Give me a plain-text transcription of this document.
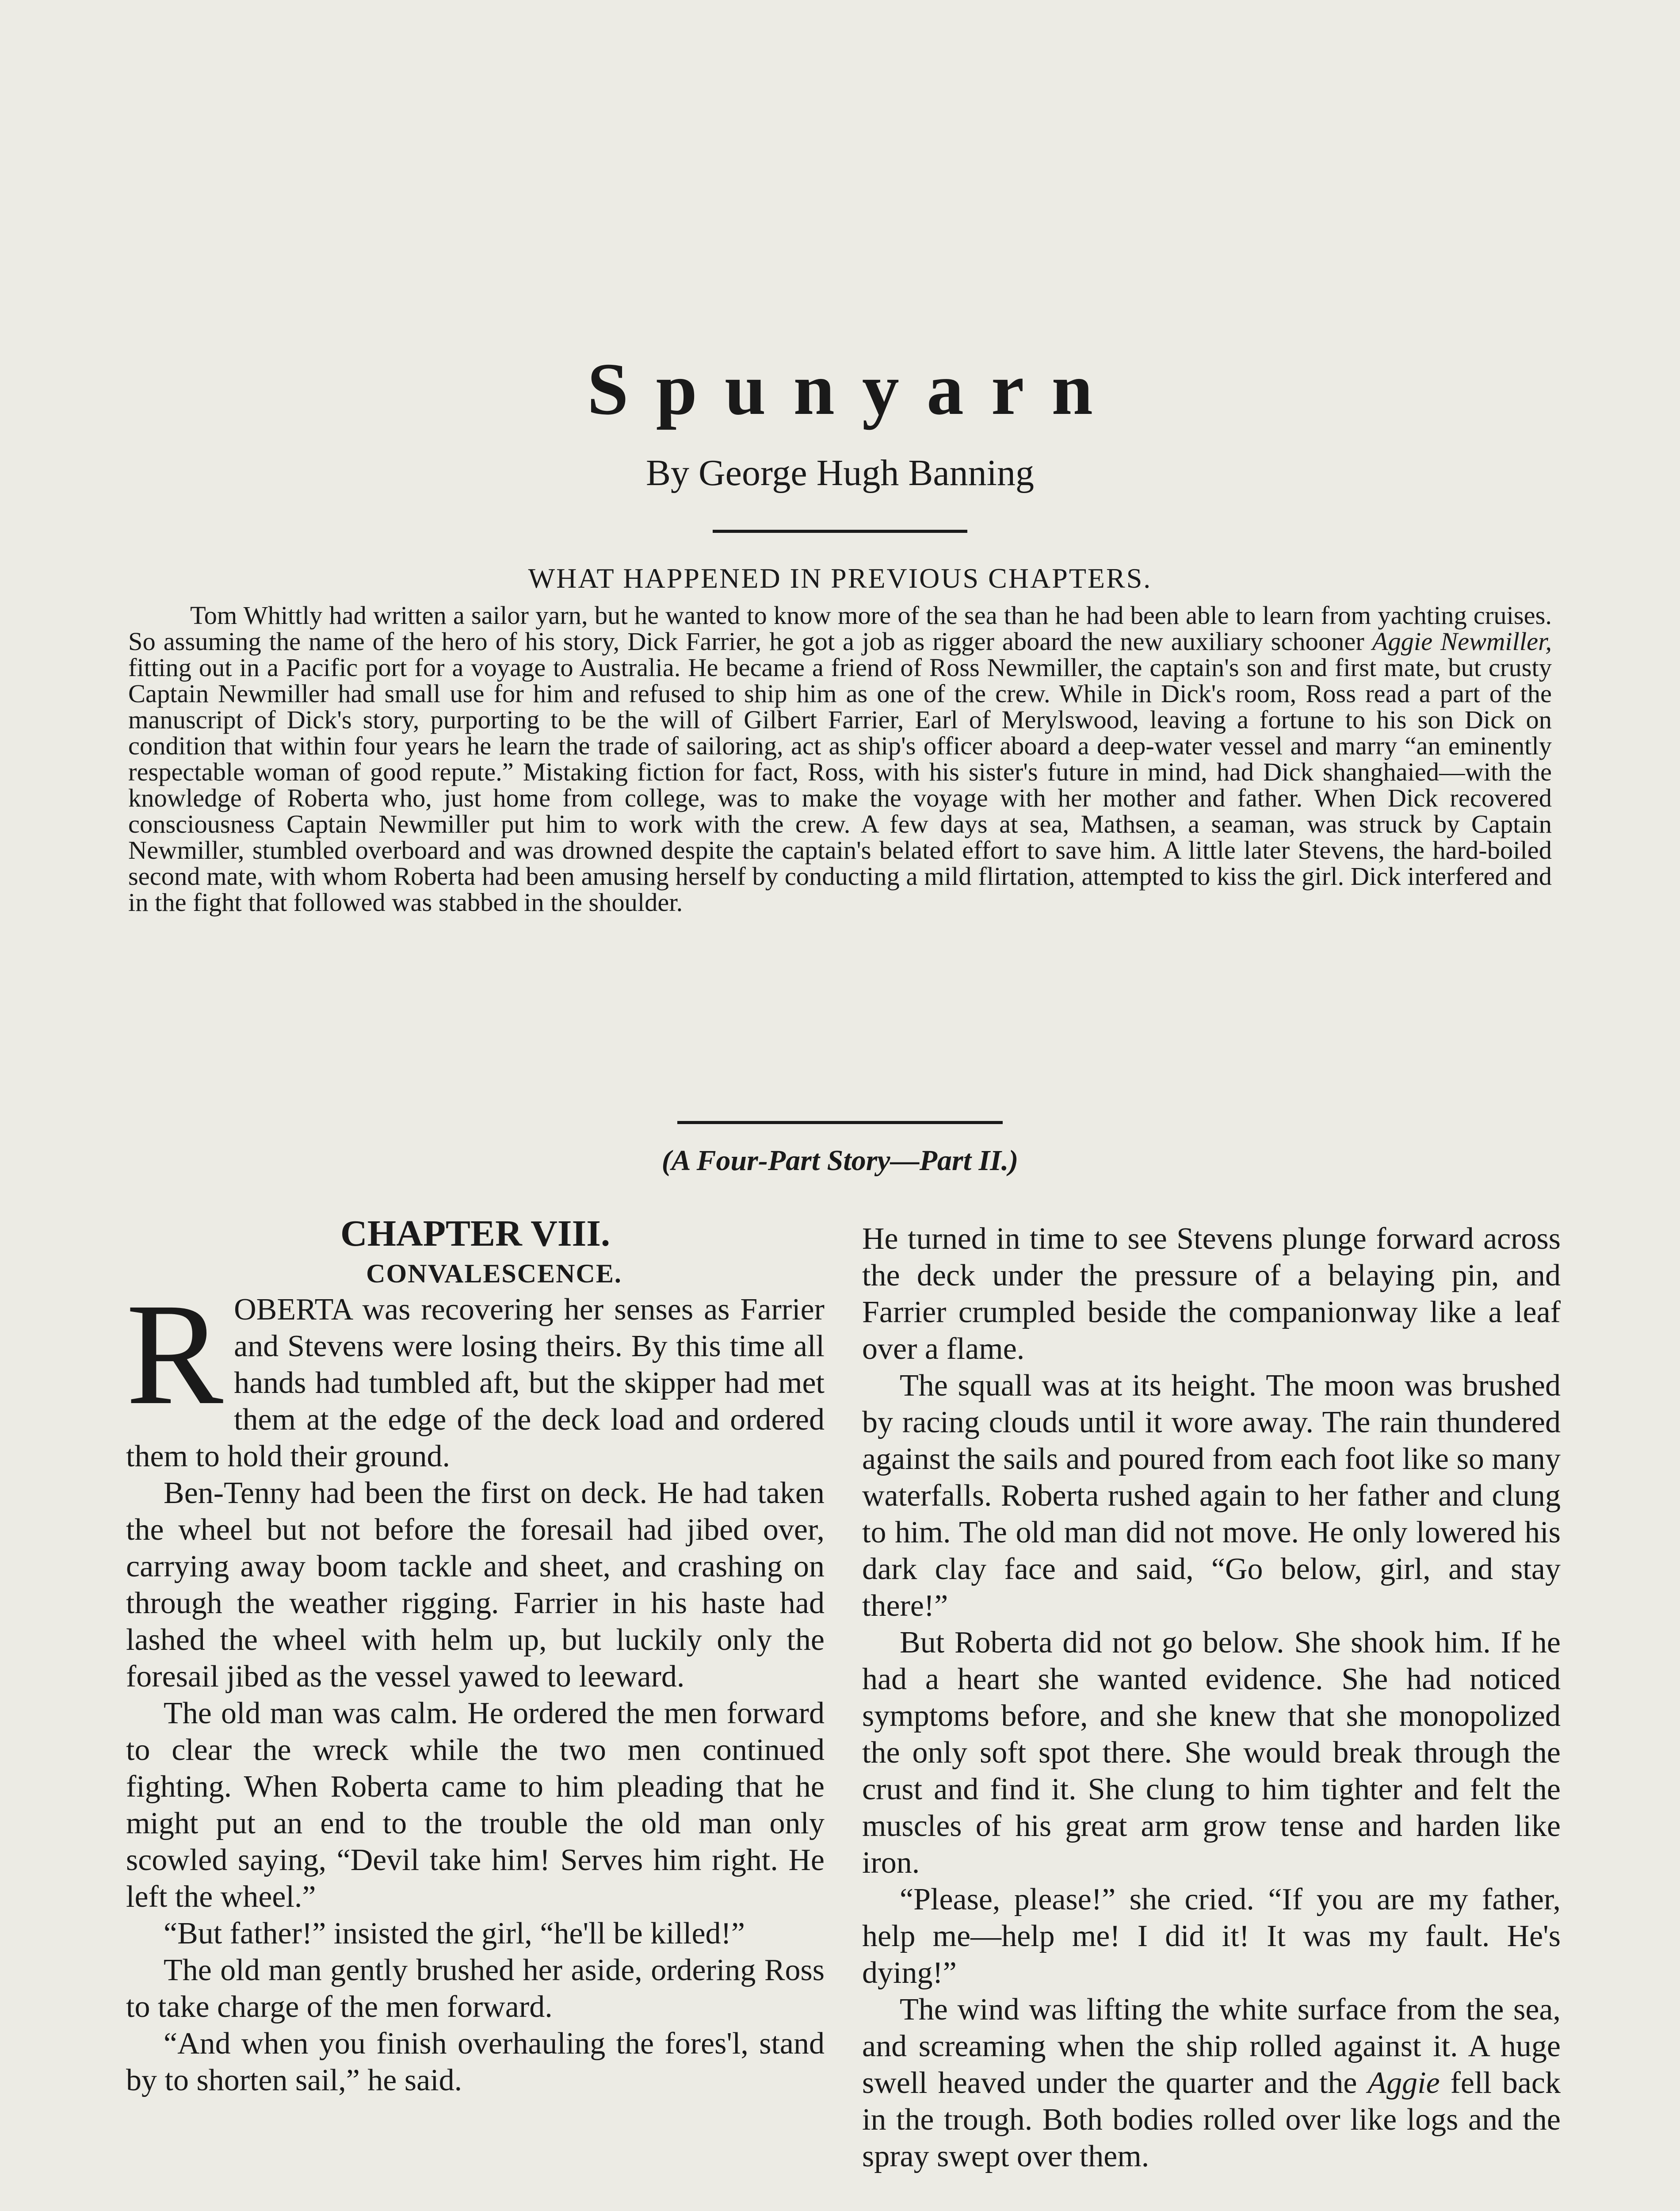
Spunyarn

By George Hugh Banning

WHAT HAPPENED IN PREVIOUS CHAPTERS.

Tom Whittly had written a sailor yarn, but he wanted to know more of the sea than he had been able to learn from yachting cruises. So assuming the name of the hero of his story, Dick Farrier, he got a job as rigger aboard the new auxiliary schooner Aggie Newmiller, fitting out in a Pacific port for a voyage to Australia. He became a friend of Ross Newmiller, the captain's son and first mate, but crusty Captain Newmiller had small use for him and refused to ship him as one of the crew. While in Dick's room, Ross read a part of the manuscript of Dick's story, purporting to be the will of Gilbert Farrier, Earl of Merylswood, leaving a fortune to his son Dick on condition that within four years he learn the trade of sailoring, act as ship's officer aboard a deep-water vessel and marry “an eminently respectable woman of good repute.” Mistaking fiction for fact, Ross, with his sister's future in mind, had Dick shanghaied—with the knowledge of Roberta who, just home from college, was to make the voyage with her mother and father. When Dick recovered consciousness Captain Newmiller put him to work with the crew. A few days at sea, Mathsen, a seaman, was struck by Captain Newmiller, stumbled overboard and was drowned despite the captain's belated effort to save him. A little later Stevens, the hard-boiled second mate, with whom Roberta had been amusing herself by conducting a mild flirtation, attempted to kiss the girl. Dick interfered and in the fight that followed was stabbed in the shoulder.

(A Four-Part Story—Part II.)

CHAPTER VIII.

CONVALESCENCE.

ROBERTA was recovering her senses as Farrier and Stevens were losing theirs. By this time all hands had tumbled aft, but the skipper had met them at the edge of the deck load and ordered them to hold their ground.

Ben-Tenny had been the first on deck. He had taken the wheel but not before the foresail had jibed over, carrying away boom tackle and sheet, and crashing on through the weather rigging. Farrier in his haste had lashed the wheel with helm up, but luckily only the foresail jibed as the vessel yawed to leeward.

The old man was calm. He ordered the men forward to clear the wreck while the two men continued fighting. When Roberta came to him pleading that he might put an end to the trouble the old man only scowled saying, “Devil take him! Serves him right. He left the wheel.”

“But father!” insisted the girl, “he'll be killed!”

The old man gently brushed her aside, ordering Ross to take charge of the men forward.

“And when you finish overhauling the fores'l, stand by to shorten sail,” he said.

He turned in time to see Stevens plunge forward across the deck under the pressure of a belaying pin, and Farrier crumpled beside the companionway like a leaf over a flame.

The squall was at its height. The moon was brushed by racing clouds until it wore away. The rain thundered against the sails and poured from each foot like so many waterfalls. Roberta rushed again to her father and clung to him. The old man did not move. He only lowered his dark clay face and said, “Go below, girl, and stay there!”

But Roberta did not go below. She shook him. If he had a heart she wanted evidence. She had noticed symptoms before, and she knew that she monopolized the only soft spot there. She would break through the crust and find it. She clung to him tighter and felt the muscles of his great arm grow tense and harden like iron.

“Please, please!” she cried. “If you are my father, help me—help me! I did it! It was my fault. He's dying!”

The wind was lifting the white surface from the sea, and screaming when the ship rolled against it. A huge swell heaved under the quarter and the Aggie fell back in the trough. Both bodies rolled over like logs and the spray swept over them.
